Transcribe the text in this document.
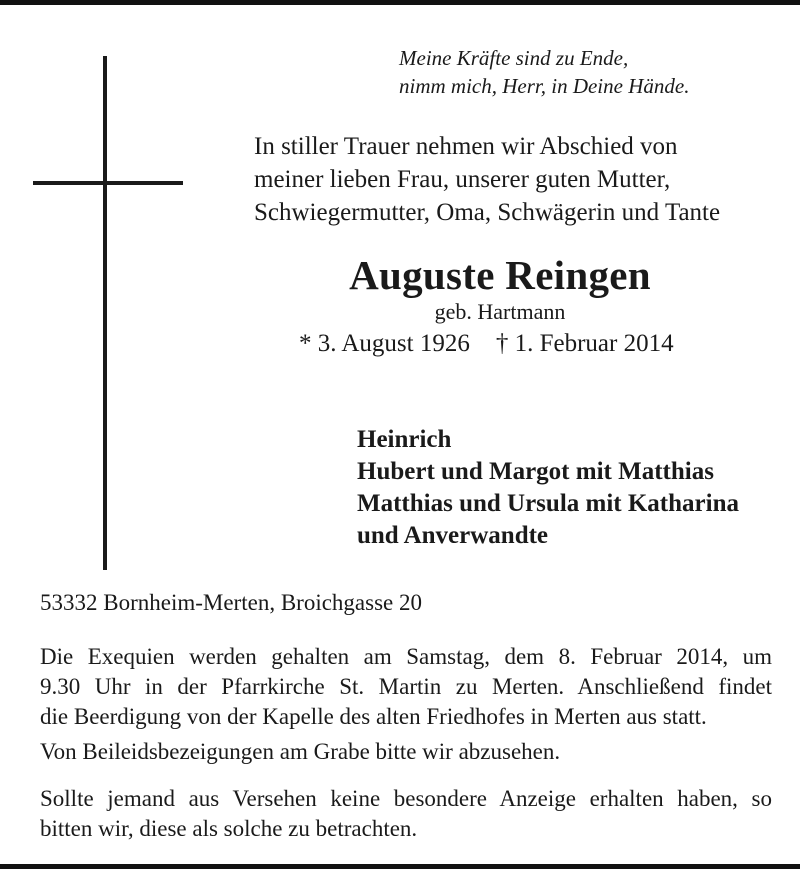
Meine Kräfte sind zu Ende,
nimm mich, Herr, in Deine Hände.

In stiller Trauer nehmen wir Abschied von
meiner lieben Frau, unserer guten Mutter,
Schwiegermutter, Oma, Schwägerin und Tante

Auguste Reingen

geb. Hartmann

* 3. August 1926 † 1. Februar 2014

Heinrich
Hubert und Margot mit Matthias
Matthias und Ursula mit Katharina
und Anverwandte

53332 Bornheim-Merten, Broichgasse 20

Die Exequien werden gehalten am Samstag, dem 8. Februar 2014, um
9.30 Uhr in der Pfarrkirche St. Martin zu Merten. Anschließend findet
die Beerdigung von der Kapelle des alten Friedhofes in Merten aus statt.

Von Beileidsbezeigungen am Grabe bitte wir abzusehen.

Sollte jemand aus Versehen keine besondere Anzeige erhalten haben, so
bitten wir, diese als solche zu betrachten.
